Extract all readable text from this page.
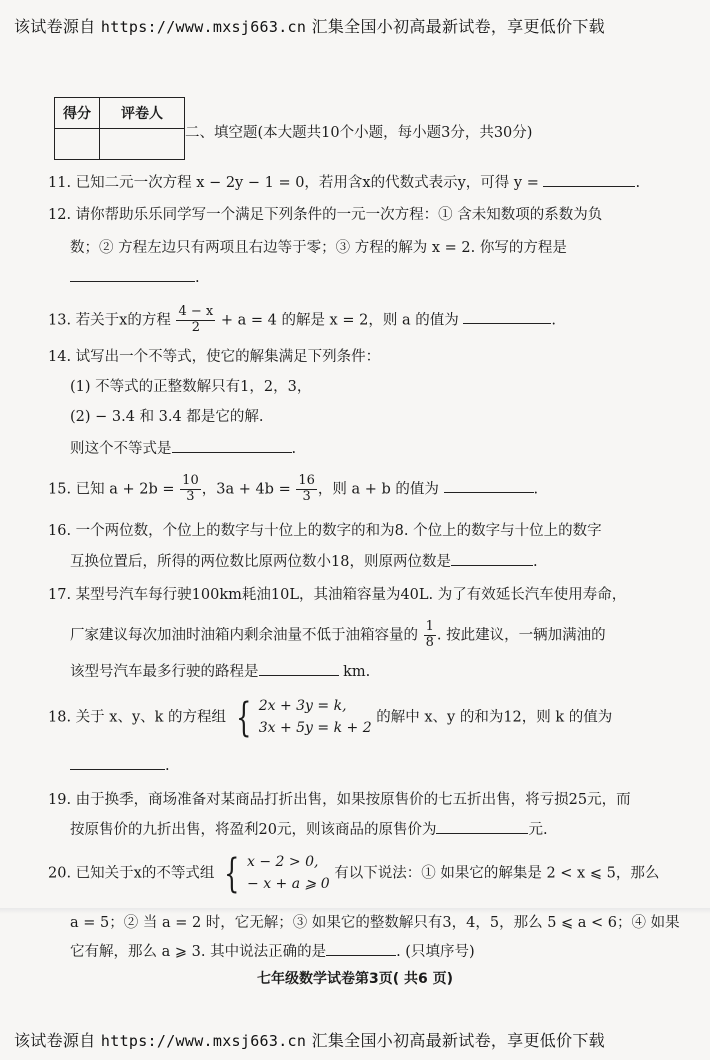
该试卷源自 https://www.mxsj663.cn 汇集全国小初高最新试卷，享更低价下载
得分	评卷人

二、填空题(本大题共10个小题，每小题3分，共30分)
11. 已知二元一次方程 x − 2y − 1 = 0，若用含x的代数式表示y，可得 y =	.
12. 请你帮助乐乐同学写一个满足下列条件的一元一次方程：① 含未知数项的系数为负
数；② 方程左边只有两项且右边等于零；③ 方程的解为 x = 2. 你写的方程是
.
13. 若关于x的方程 $\frac{4 - x}{2} + a = 4$ 的解是 x = 2，则 a 的值为	.
14. 试写出一个不等式，使它的解集满足下列条件：
(1) 不等式的正整数解只有1，2，3，
(2) − 3.4 和 3.4 都是它的解.
则这个不等式是	.
15. 已知 $a + 2b = \frac{10}{3}$ ，$3a + 4b = \frac{16}{3}$ ，则 a + b 的值为	.
16. 一个两位数，个位上的数字与十位上的数字的和为8. 个位上的数字与十位上的数字
互换位置后，所得的两位数比原两位数小18，则原两位数是	.
17. 某型号汽车每行驶100km耗油10L，其油箱容量为40L. 为了有效延长汽车使用寿命，
厂家建议每次加油时油箱内剩余油量不低于油箱容量的 $\frac{1}{8}$ . 按此建议，一辆加满油的
该型号汽车最多行驶的路程是	km.
18. 关于 x、y、k 的方程组 { 2x + 3y = k,
3x + 5y = k + 2
的解中 x、y 的和为12，则 k 的值为
.
19. 由于换季，商场准备对某商品打折出售，如果按原售价的七五折出售，将亏损25元，而
按原售价的九折出售，将盈利20元，则该商品的原售价为	元.
20. 已知关于x的不等式组 { x − 2 > 0,
− x + a ⩾ 0
有以下说法：① 如果它的解集是 2 < x ⩽ 5，那么
a = 5；② 当 a = 2 时，它无解；③ 如果它的整数解只有3，4，5，那么 5 ⩽ a < 6；④ 如果
它有解，那么 a ⩾ 3. 其中说法正确的是	. (只填序号)
七年级数学试卷第3页( 共6 页)
该试卷源自 https://www.mxsj663.cn 汇集全国小初高最新试卷，享更低价下载
